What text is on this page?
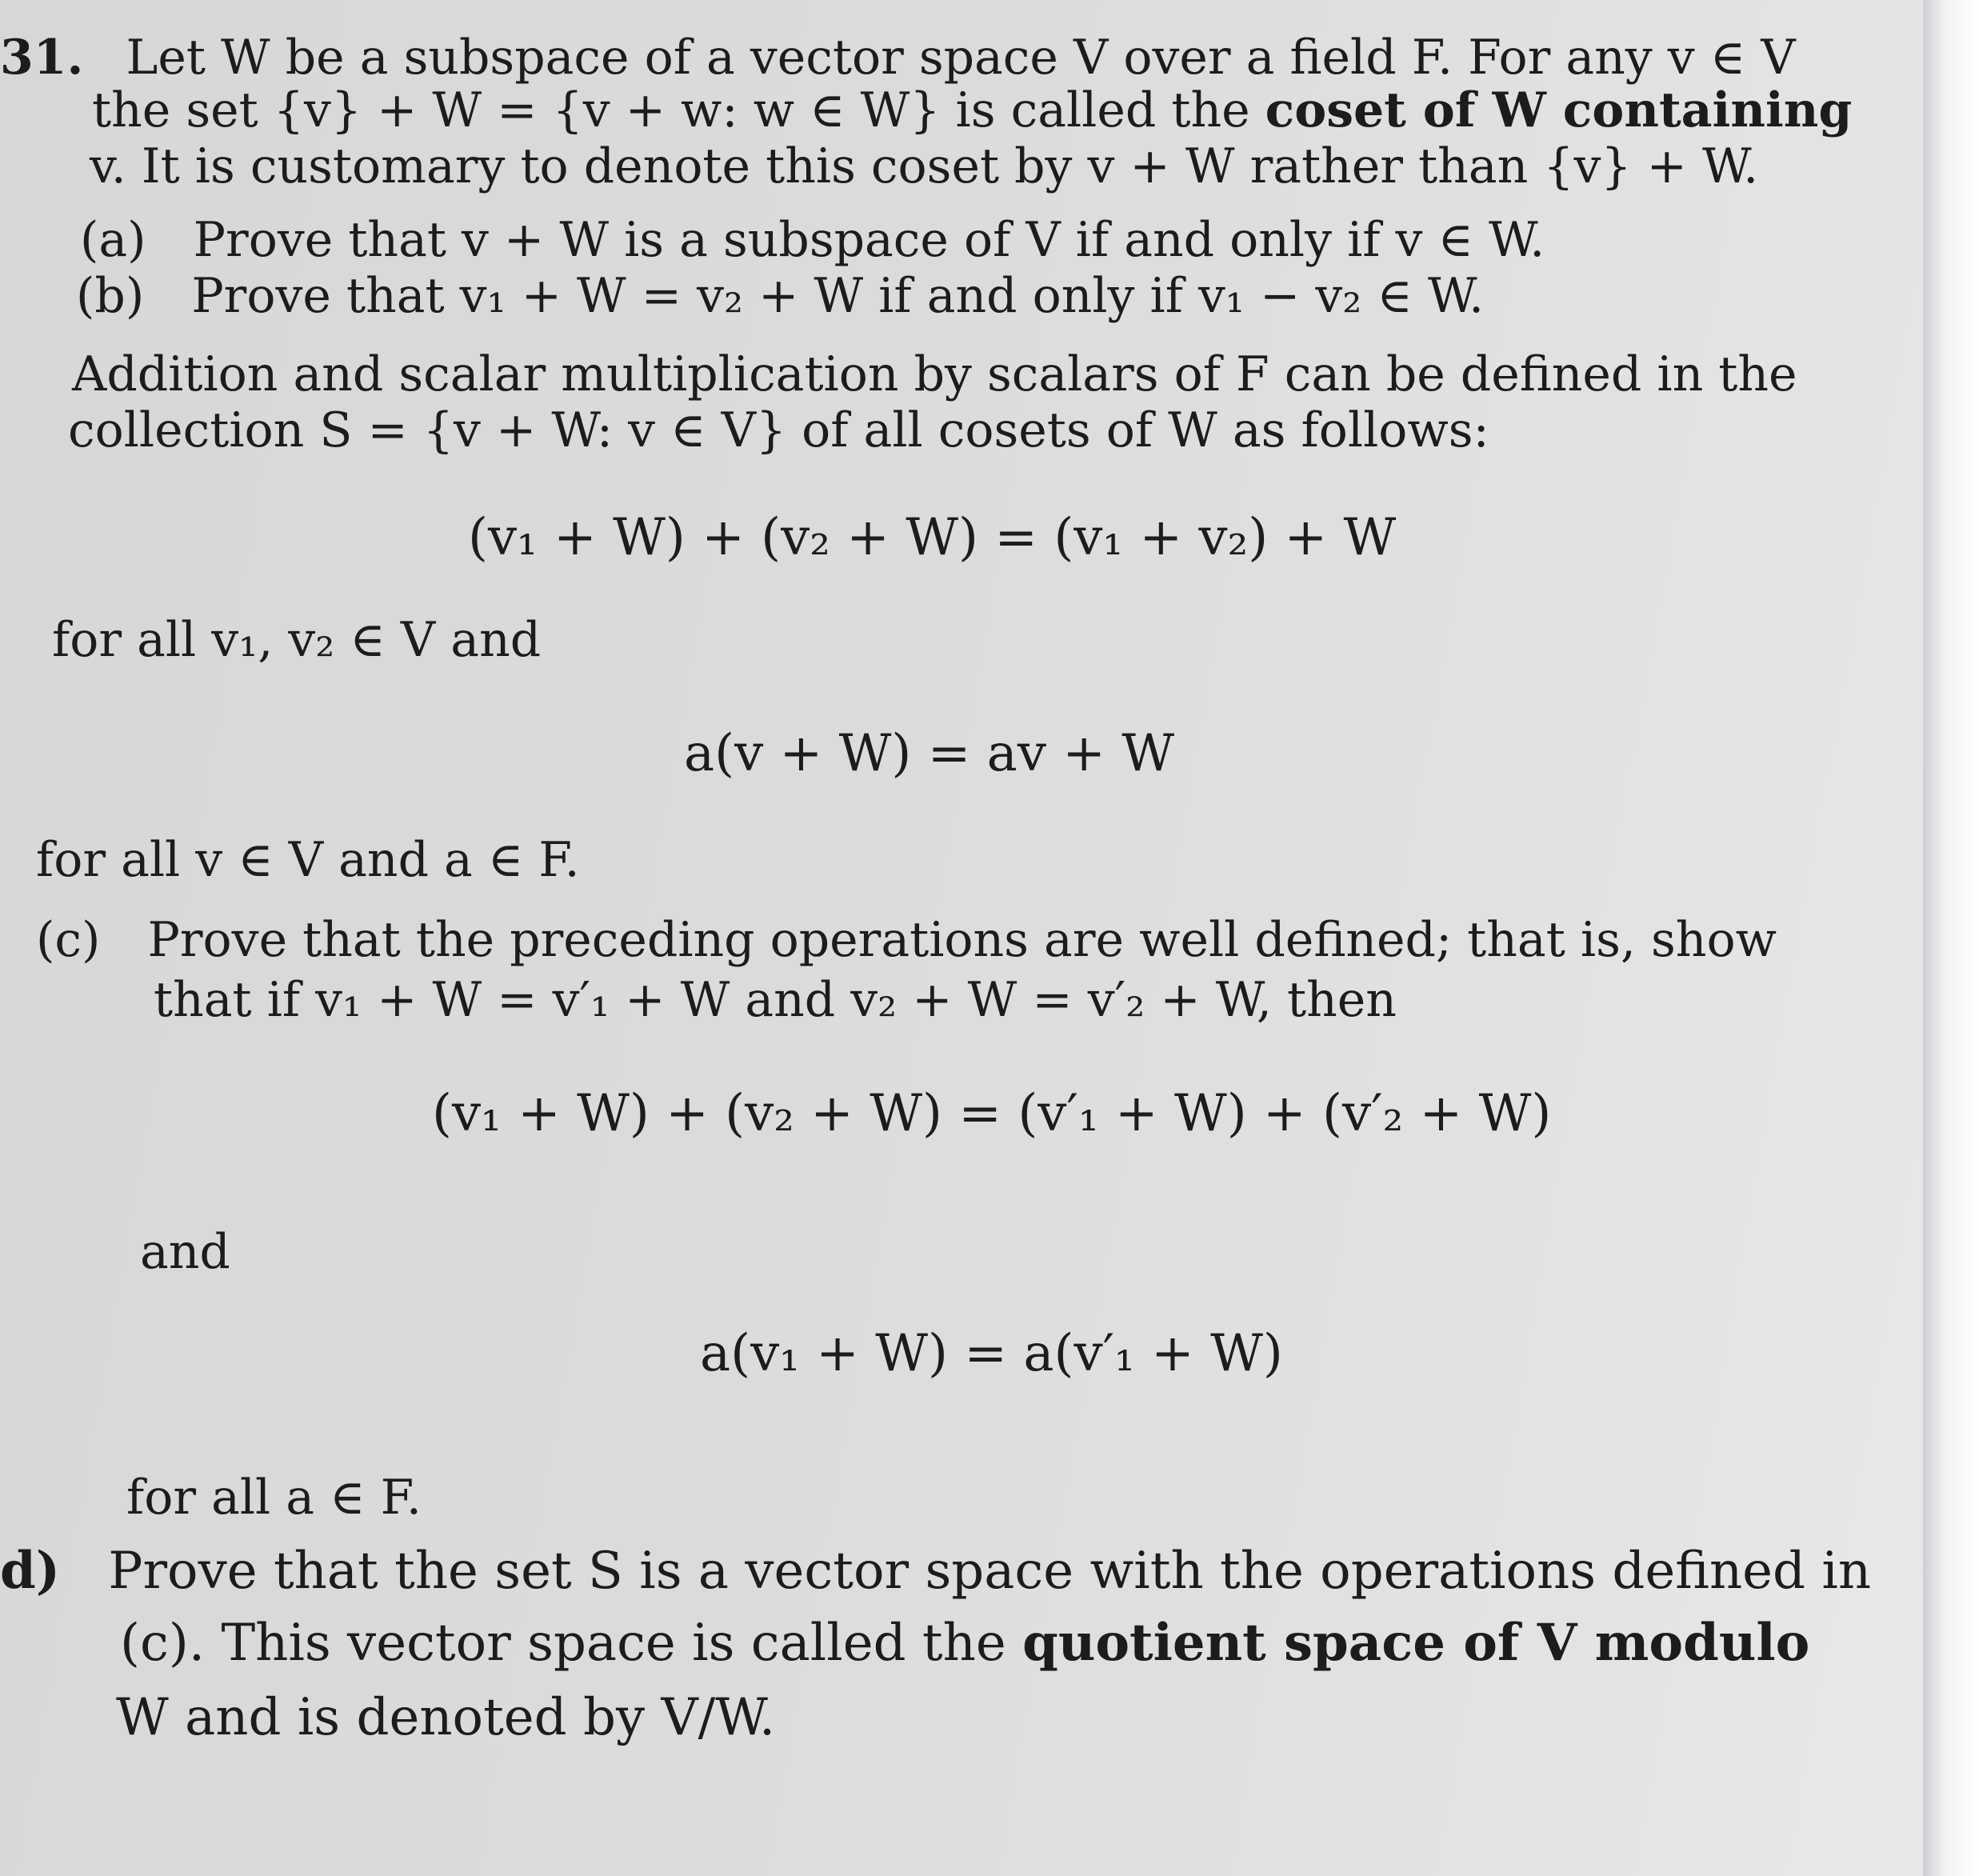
31. Let W be a subspace of a vector space V over a field F. For any v ∈ V
the set {v} + W = {v + w: w ∈ W} is called the coset of W containing
v. It is customary to denote this coset by v + W rather than {v} + W.
(a) Prove that v + W is a subspace of V if and only if v ∈ W.
(b) Prove that v₁ + W = v₂ + W if and only if v₁ − v₂ ∈ W.
Addition and scalar multiplication by scalars of F can be defined in the
collection S = {v + W: v ∈ V} of all cosets of W as follows:
(v₁ + W) + (v₂ + W) = (v₁ + v₂) + W
for all v₁, v₂ ∈ V and
a(v + W) = av + W
for all v ∈ V and a ∈ F.
(c) Prove that the preceding operations are well defined; that is, show
that if v₁ + W = v′₁ + W and v₂ + W = v′₂ + W, then
(v₁ + W) + (v₂ + W) = (v′₁ + W) + (v′₂ + W)
and
a(v₁ + W) = a(v′₁ + W)
for all a ∈ F.
d) Prove that the set S is a vector space with the operations defined in
(c). This vector space is called the quotient space of V modulo
W and is denoted by V/W.
